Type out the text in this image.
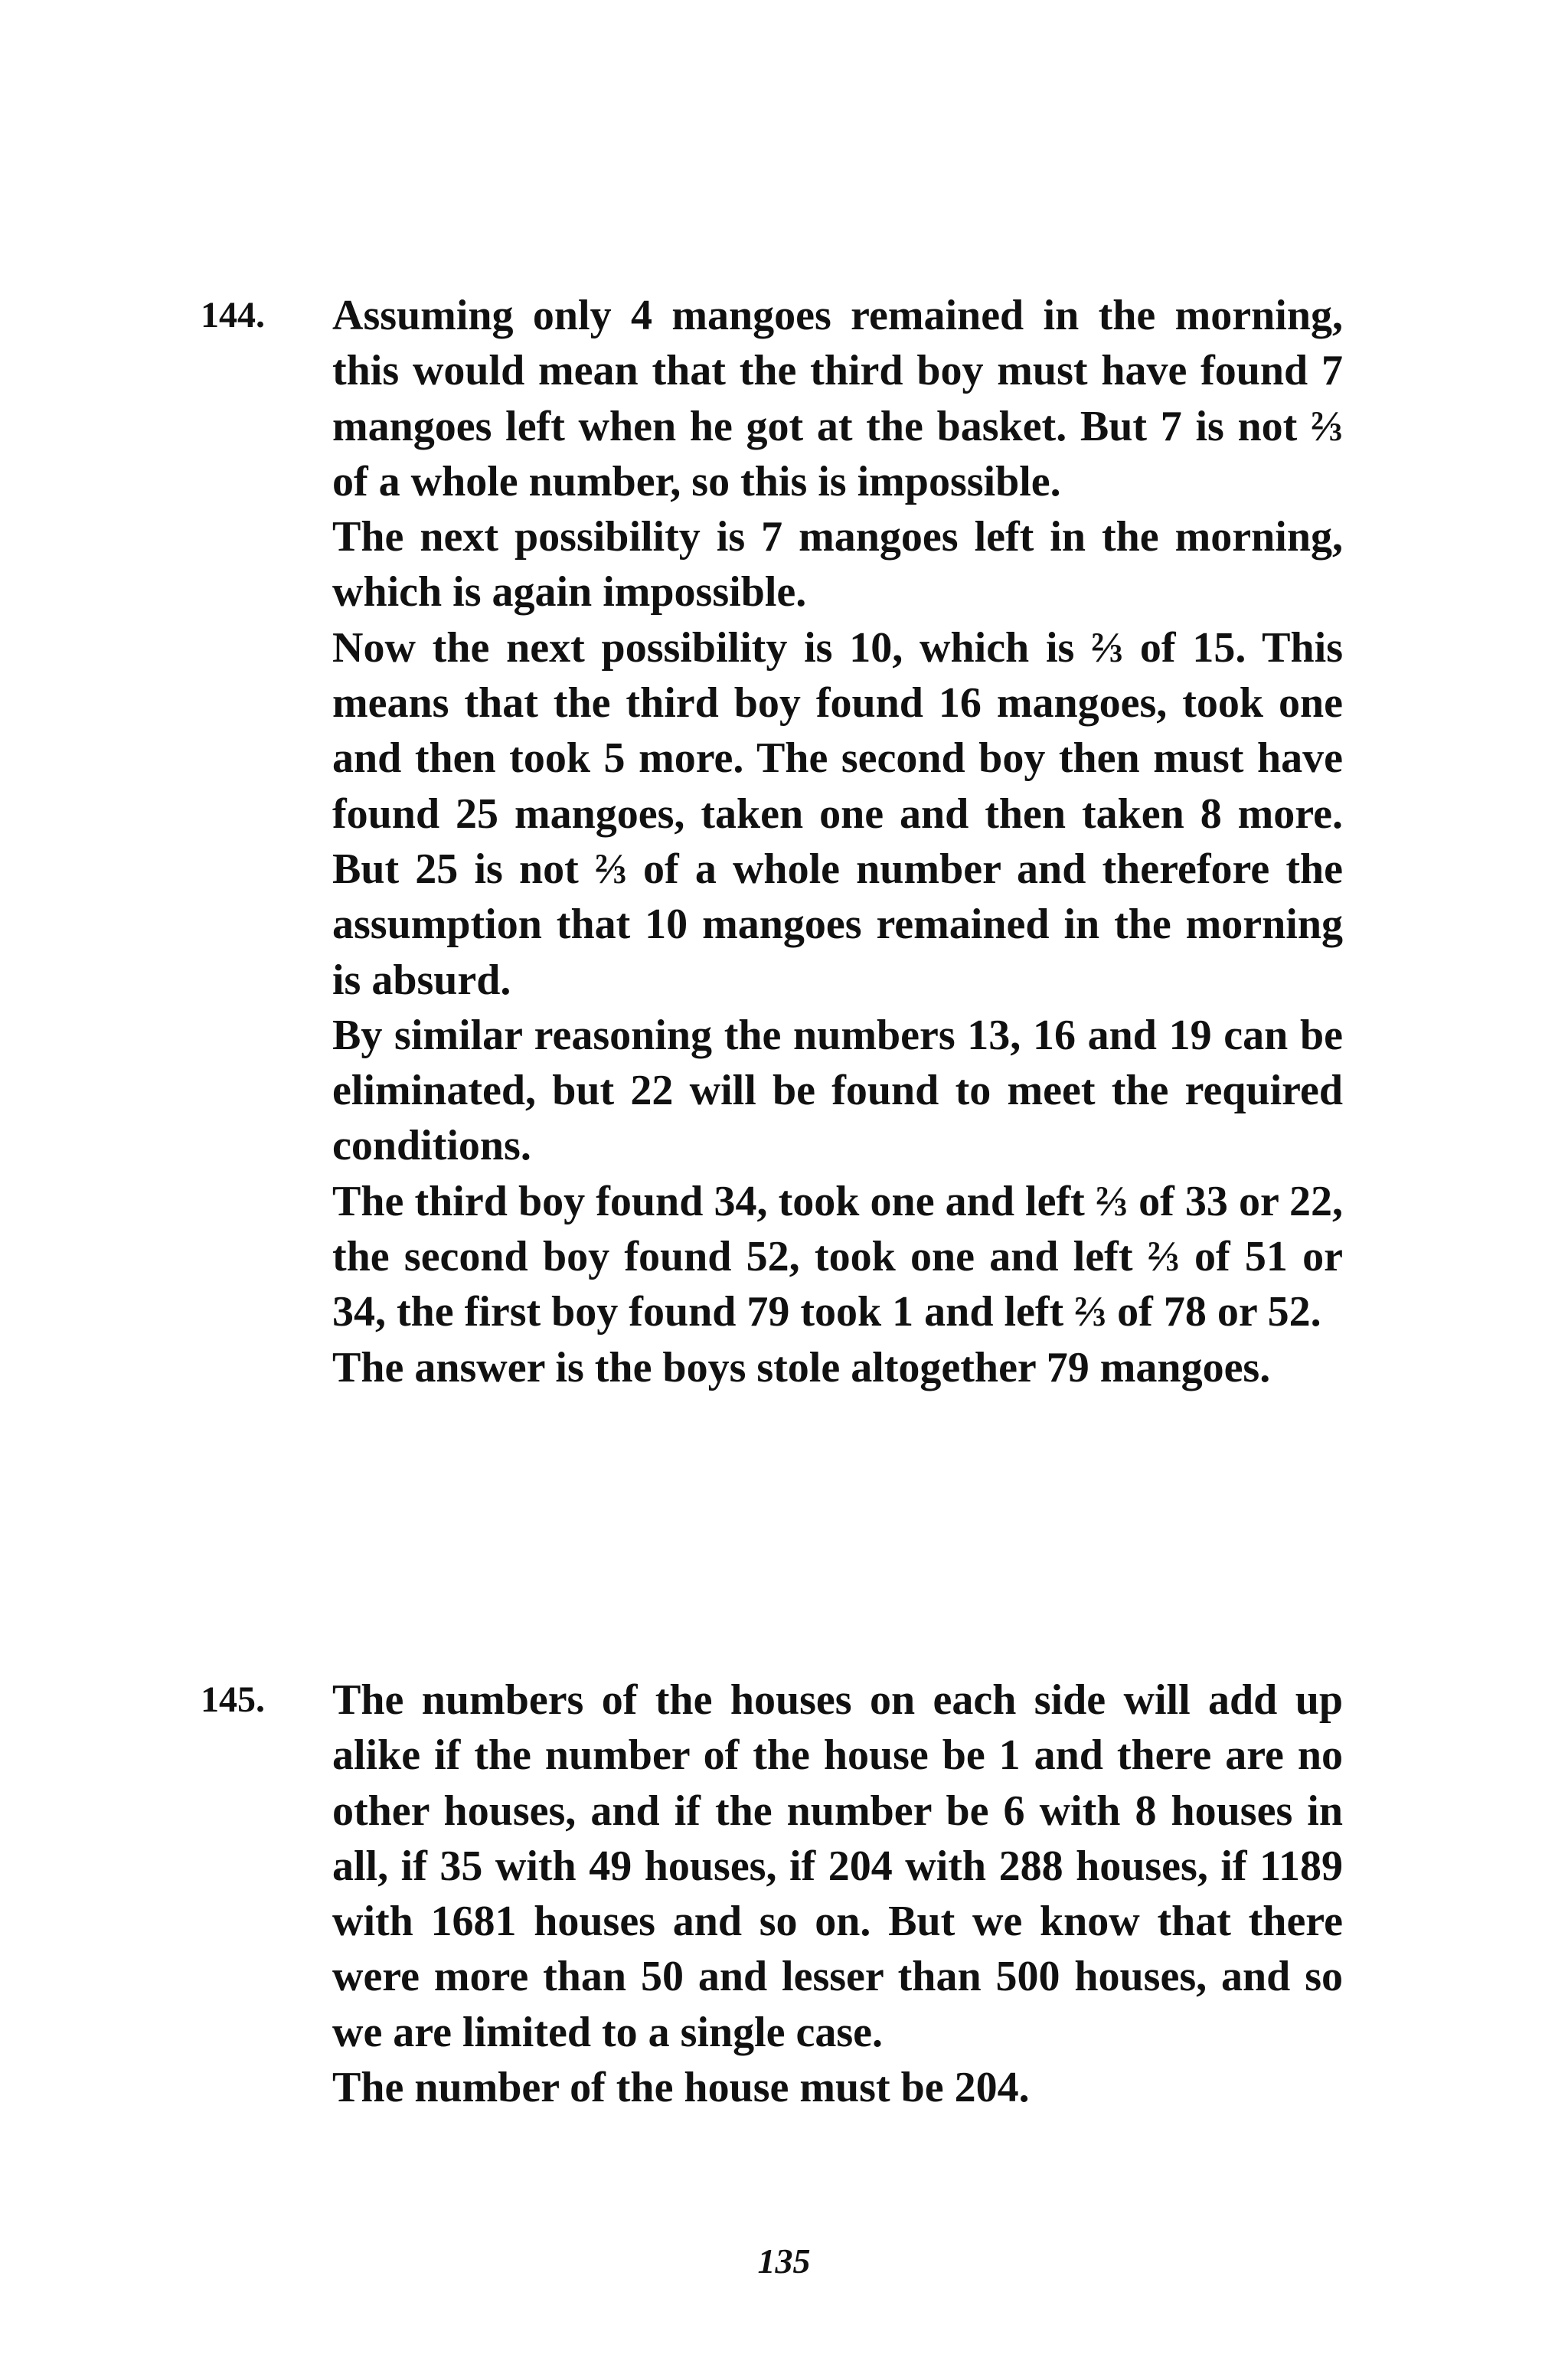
144. Assuming only 4 mangoes remained in the morning, this would mean that the third boy must have found 7 mangoes left when he got at the basket. But 7 is not ⅔ of a whole number, so this is impossible.

The next possibility is 7 mangoes left in the morning, which is again impossible.

Now the next possibility is 10, which is ⅔ of 15. This means that the third boy found 16 mangoes, took one and then took 5 more. The second boy then must have found 25 mangoes, taken one and then taken 8 more. But 25 is not ⅔ of a whole number and therefore the assumption that 10 mangoes remained in the morning is absurd.

By similar reasoning the numbers 13, 16 and 19 can be eliminated, but 22 will be found to meet the required conditions.

The third boy found 34, took one and left ⅔ of 33 or 22, the second boy found 52, took one and left ⅔ of 51 or 34, the first boy found 79 took 1 and left ⅔ of 78 or 52.

The answer is the boys stole altogether 79 mangoes.

145. The numbers of the houses on each side will add up alike if the number of the house be 1 and there are no other houses, and if the number be 6 with 8 houses in all, if 35 with 49 houses, if 204 with 288 houses, if 1189 with 1681 houses and so on. But we know that there were more than 50 and lesser than 500 houses, and so we are limited to a single case.

The number of the house must be 204.

135
